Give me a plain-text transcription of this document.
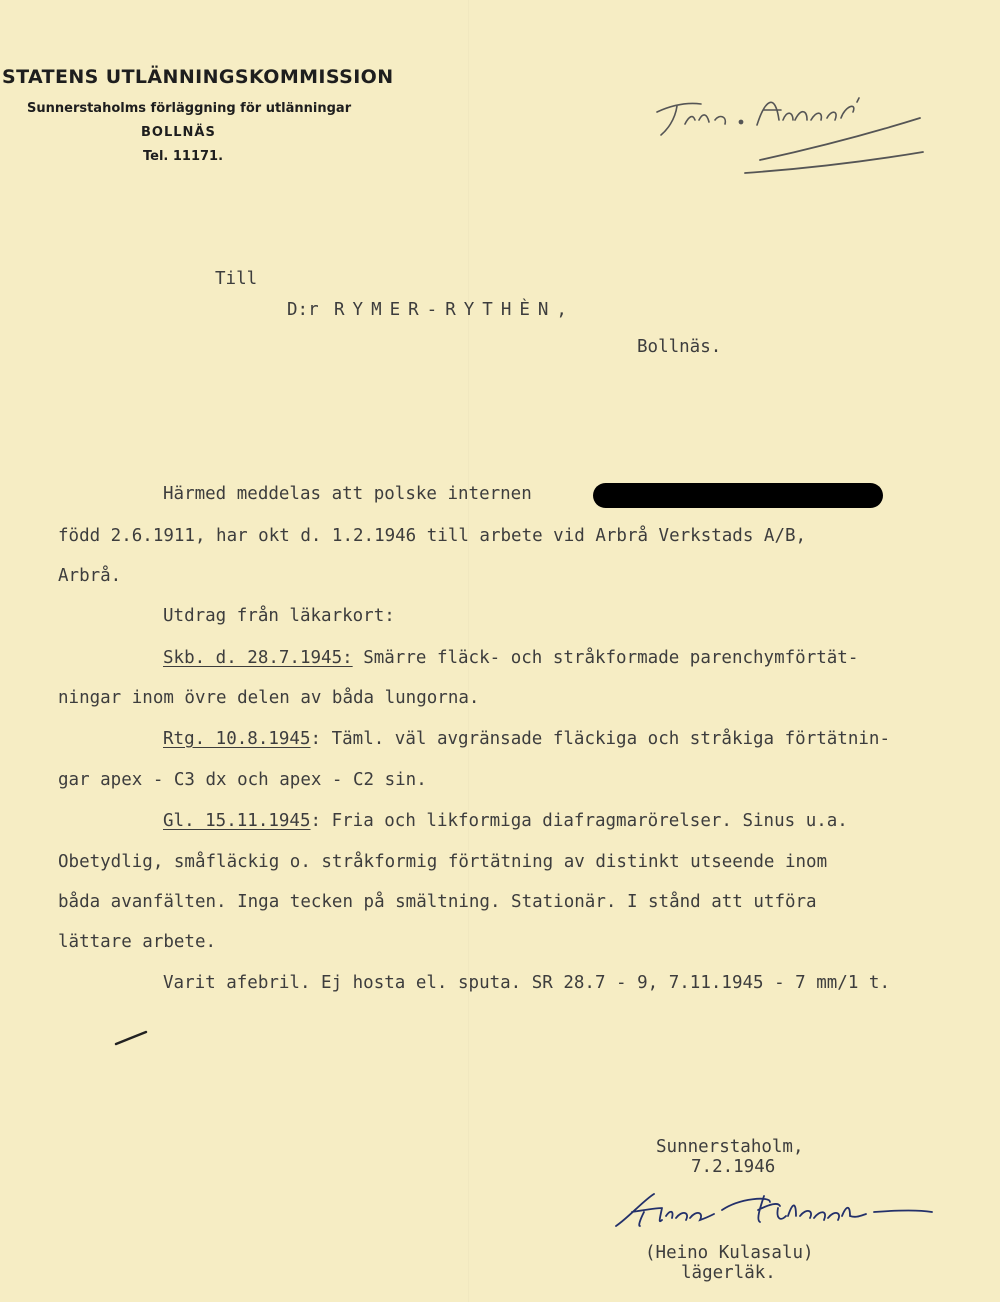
STATENS UTLÄNNINGSKOMMISSION
Sunnerstaholms förläggning för utlänningar
BOLLNÄS
Tel. 11171.
Till
D:r RYMER-RYTHÈN,
Bollnäs.
Härmed meddelas att polske internen
född 2.6.1911, har okt d. 1.2.1946 till arbete vid Arbrå Verkstads A/B,
Arbrå.
Utdrag från läkarkort:
Skb. d. 28.7.1945: Smärre fläck- och stråkformade parenchymförtät-
ningar inom övre delen av båda lungorna.
Rtg. 10.8.1945: Täml. väl avgränsade fläckiga och stråkiga förtätnin-
gar apex - C3 dx och apex - C2 sin.
Gl. 15.11.1945: Fria och likformiga diafragmarörelser. Sinus u.a.
Obetydlig, småfläckig o. stråkformig förtätning av distinkt utseende inom
båda avanfälten. Inga tecken på smältning. Stationär. I stånd att utföra
lättare arbete.
Varit afebril. Ej hosta el. sputa. SR 28.7 - 9, 7.11.1945 - 7 mm/1 t.
Sunnerstaholm,
7.2.1946
(Heino Kulasalu)
lägerläk.
